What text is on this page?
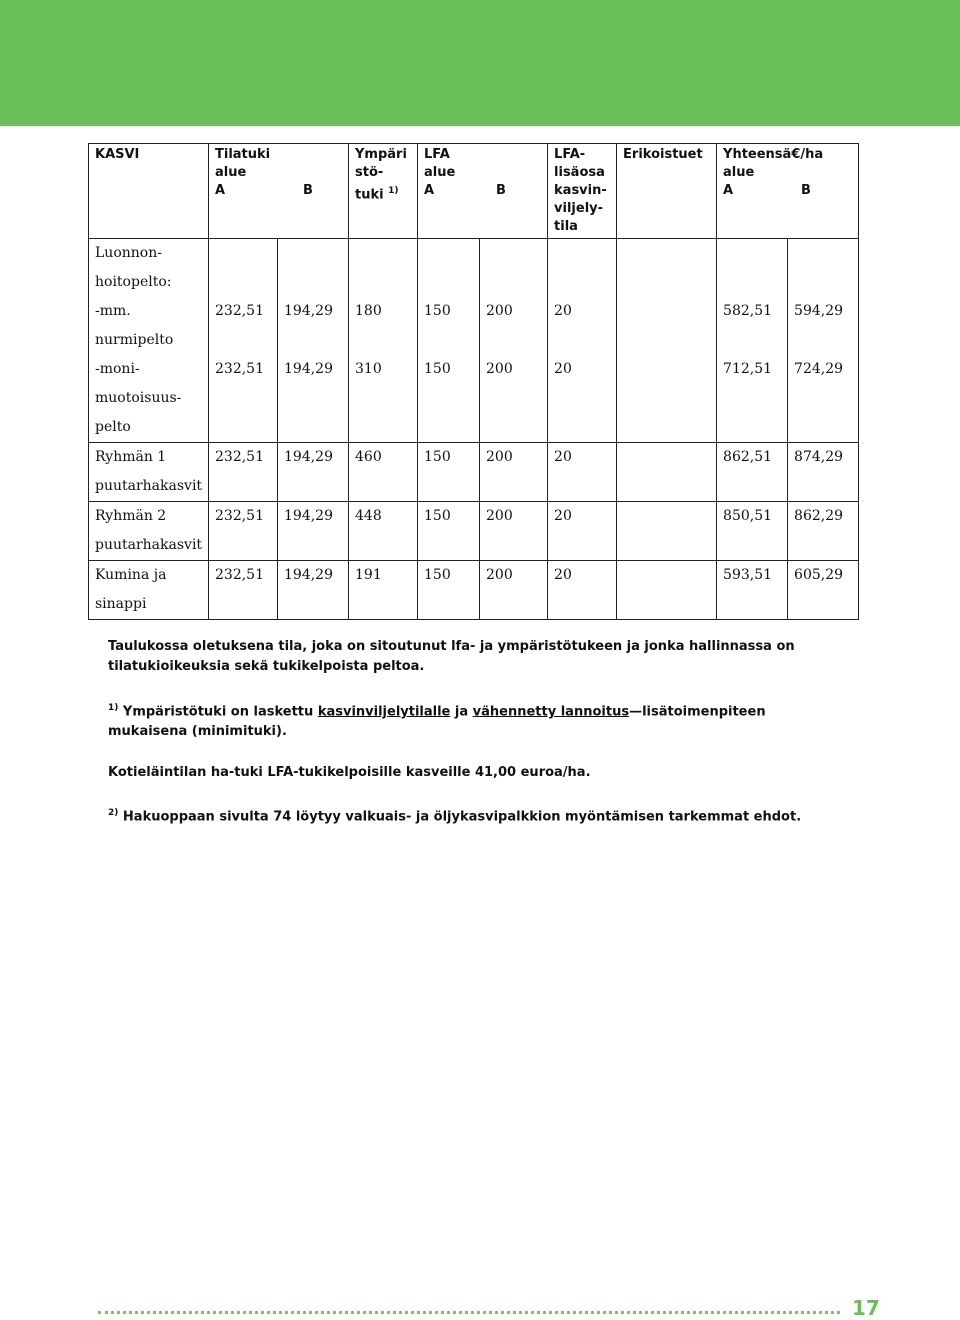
KASVI	Tilatuki
alue
A B		Ympäri
stö-
tuki $^{1)}$	LFA
alue
A B		LFA-
lisäosa
kasvin-
viljely-
tila	Erikoistuet	Yhteensä€/ha
alue
A B	

Luonnon-
hoitopelto:									

-mm.
nurmipelto	232,51	194,29	180	150	200	20		582,51	594,29

-moni-
muotoisuus-
pelto	232,51	194,29	310	150	200	20		712,51	724,29

Ryhmän 1
puutarhakasvit	232,51	194,29	460	150	200	20		862,51	874,29

Ryhmän 2
puutarhakasvit	232,51	194,29	448	150	200	20		850,51	862,29

Kumina ja
sinappi	232,51	194,29	191	150	200	20		593,51	605,29

Taulukossa oletuksena tila, joka on sitoutunut lfa- ja ympäristötukeen ja jonka hallinnassa on tilatukioikeuksia sekä tukikelpoista peltoa.

$^{1)}$ Ympäristötuki on laskettu kasvinviljelytilalle ja vähennetty lannoitus—lisätoimenpiteen mukaisena (minimituki).

Kotieläintilan ha-tuki LFA-tukikelpoisille kasveille 41,00 euroa/ha.

$^{2)}$ Hakuoppaan sivulta 74 löytyy valkuais- ja öljykasvipalkkion myöntämisen tarkemmat ehdot.

17
